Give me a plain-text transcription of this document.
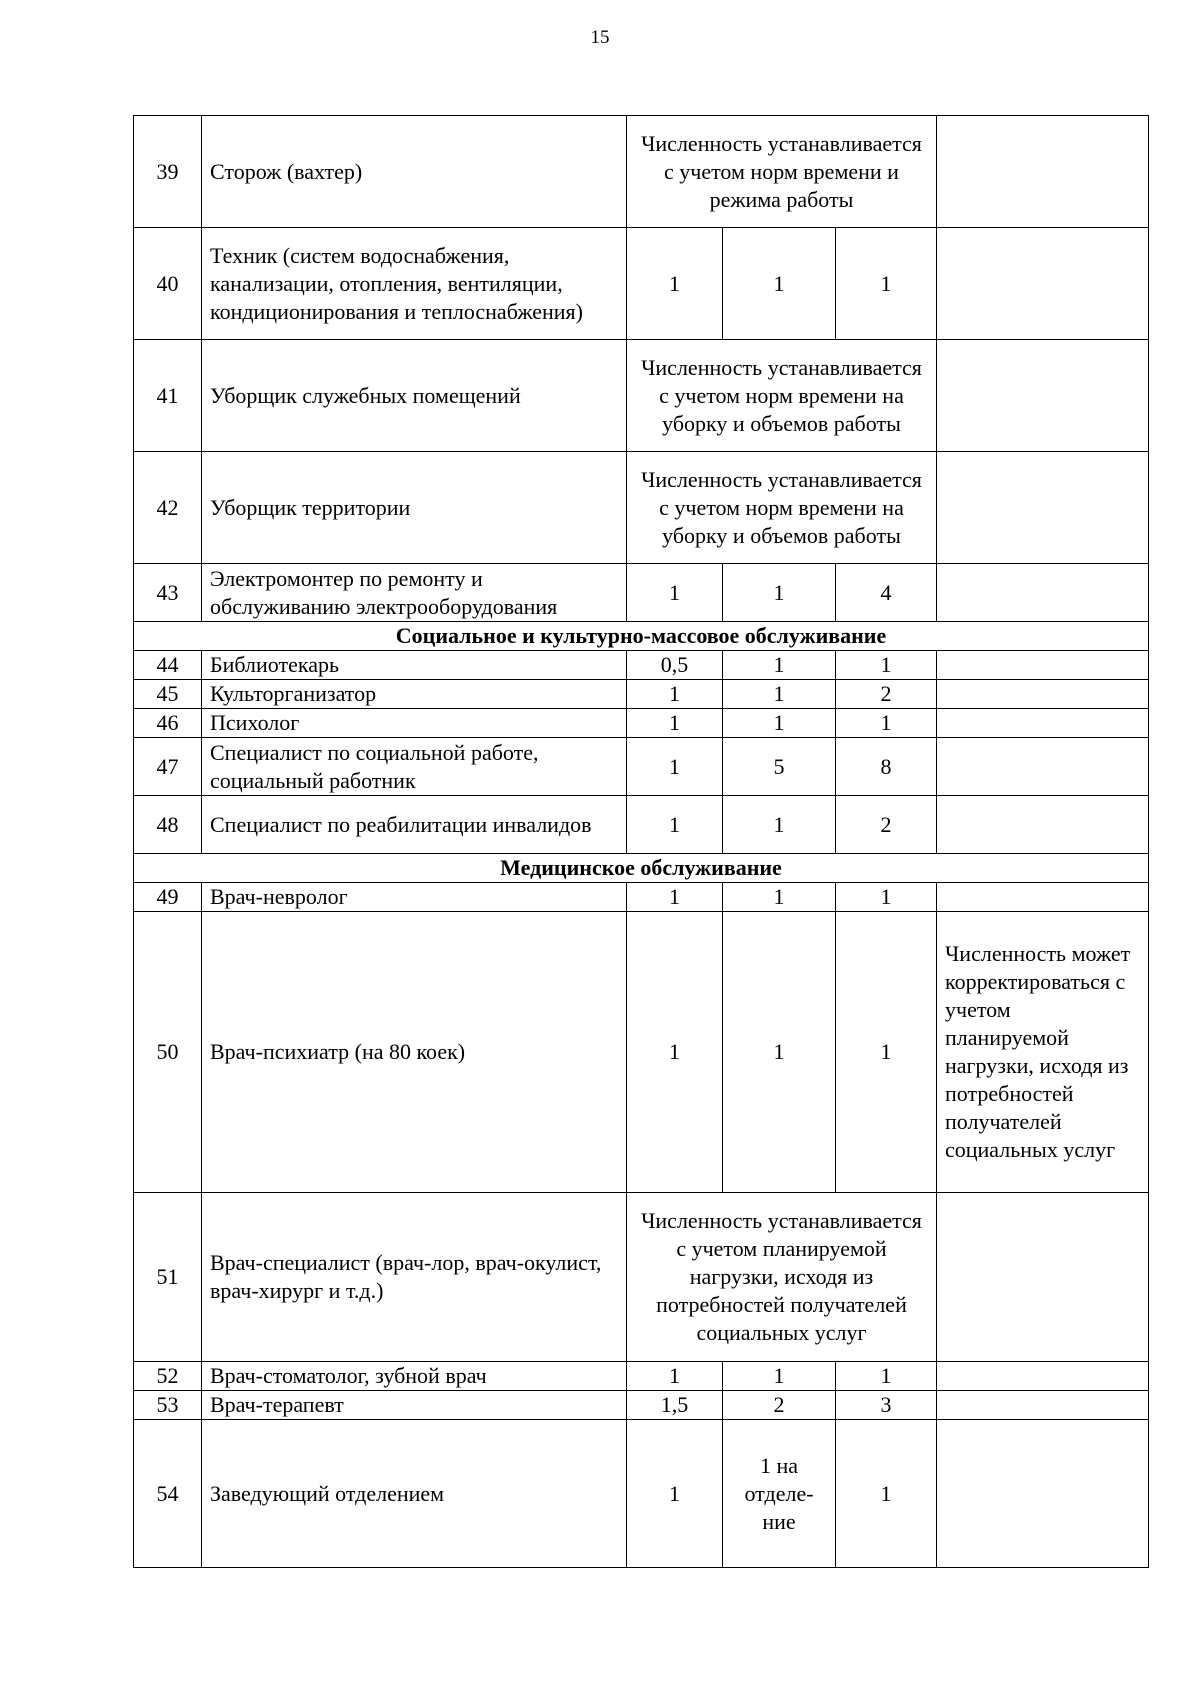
15
39	Сторож (вахтер)	Численность устанавливается с учетом норм времени и режима работы			
40	Техник (систем водоснабжения, канализации, отопления, вентиляции, кондиционирования и теплоснабжения)	1	1	1	
41	Уборщик служебных помещений	Численность устанавливается с учетом норм времени на уборку и объемов работы			
42	Уборщик территории	Численность устанавливается с учетом норм времени на уборку и объемов работы			
43	Электромонтер по ремонту и обслуживанию электрооборудования	1	1	4	
Социальное и культурно-массовое обслуживание					
44	Библиотекарь	0,5	1	1	
45	Культорганизатор	1	1	2	
46	Психолог	1	1	1	
47	Специалист по социальной работе, социальный работник	1	5	8	
48	Специалист по реабилитации инвалидов	1	1	2	
Медицинское обслуживание					
49	Врач-невролог	1	1	1	
50	Врач-психиатр (на 80 коек)	1	1	1	Численность может корректироваться с учетом планируемой нагрузки, исходя из потребностей получателей социальных услуг
51	Врач-специалист (врач-лор, врач-окулист, врач-хирург и т.д.)	Численность устанавливается с учетом планируемой нагрузки, исходя из потребностей получателей социальных услуг			
52	Врач-стоматолог, зубной врач	1	1	1	
53	Врач-терапевт	1,5	2	3	
54	Заведующий отделением	1	1 на отделе-ние	1	
